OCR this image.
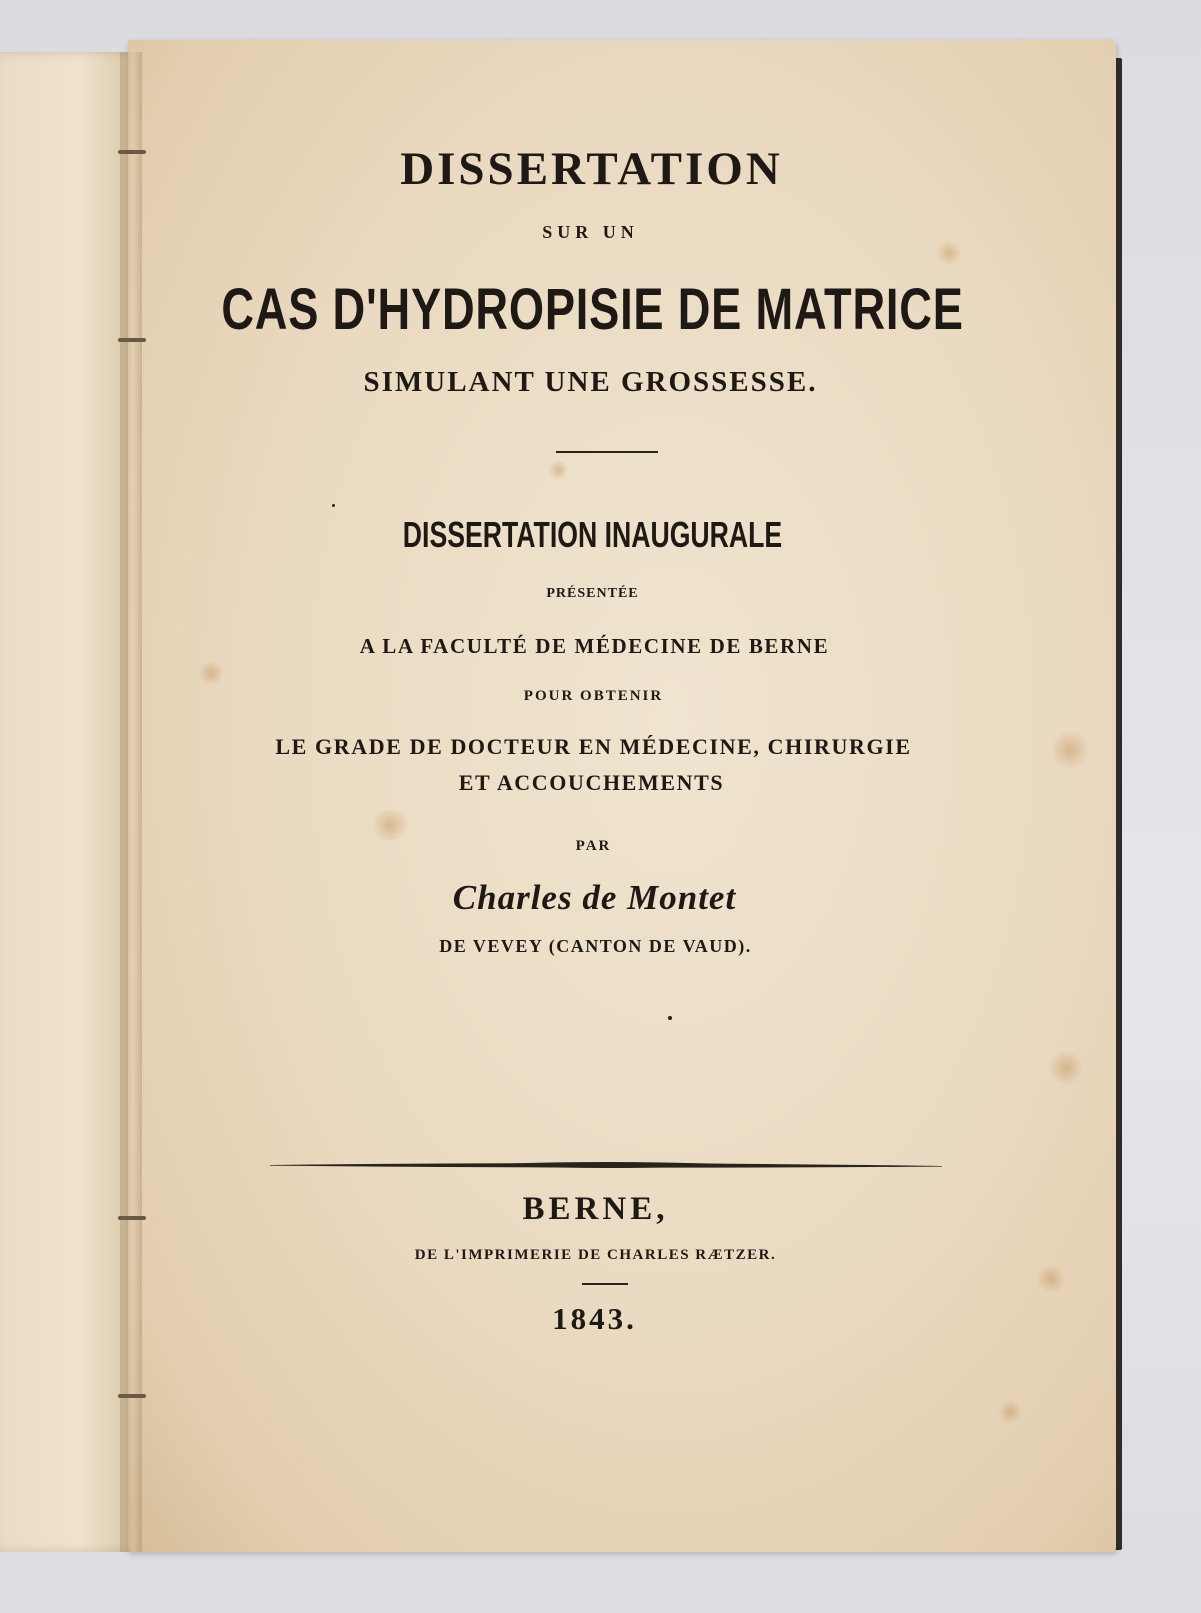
DISSERTATION
SUR UN
CAS D'HYDROPISIE DE MATRICE
SIMULANT UNE GROSSESSE.
DISSERTATION INAUGURALE
PRÉSENTÉE
A LA FACULTÉ DE MÉDECINE DE BERNE
POUR OBTENIR
LE GRADE DE DOCTEUR EN MÉDECINE, CHIRURGIE
ET ACCOUCHEMENTS
PAR
Charles de Montet
DE VEVEY (CANTON DE VAUD).
BERNE,
DE L'IMPRIMERIE DE CHARLES RÆTZER.
1843.
